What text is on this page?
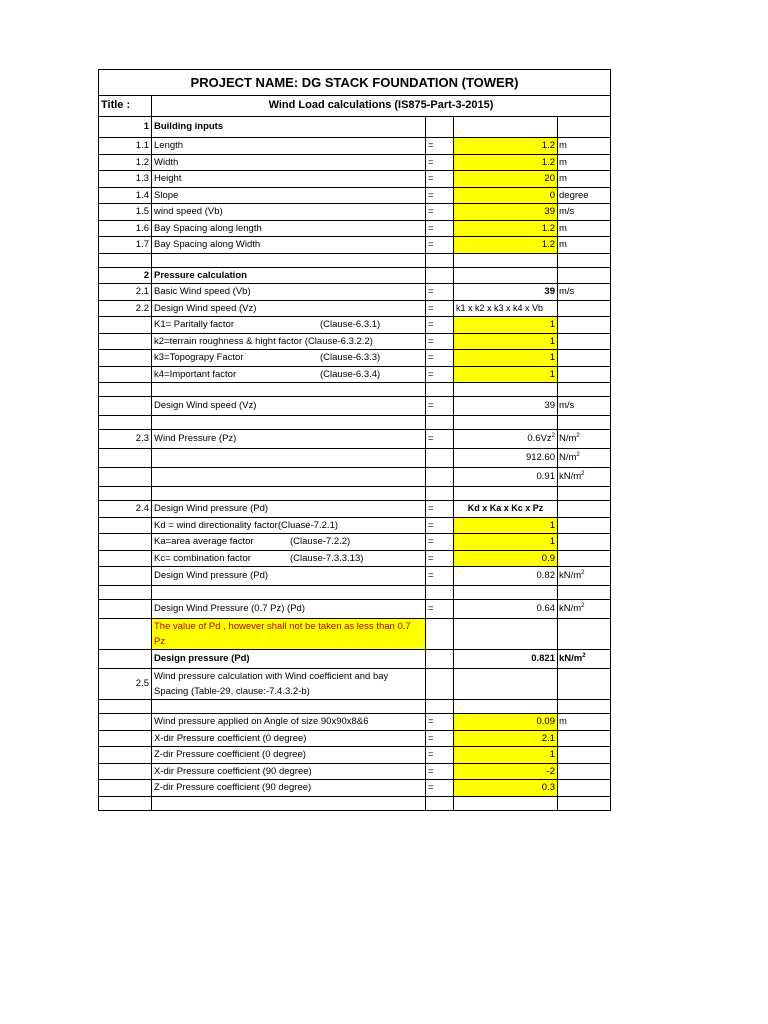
PROJECT NAME: DG STACK FOUNDATION (TOWER)				
Title :	Wind Load calculations (IS875-Part-3-2015)			
1	Building inputs			
1.1	Length	=	1.2	m
1.2	Width	=	1.2	m
1.3	Height	=	20	m
1.4	Slope	=	0	degree
1.5	wind speed (Vb)	=	39	m/s
1.6	Bay Spacing along length	=	1.2	m
1.7	Bay Spacing along Width	=	1.2	m

2	Pressure calculation			
2.1	Basic Wind speed (Vb)	=	39	m/s
2.2	Design Wind speed (Vz)	=	k1 x k2 x k3 x k4 x Vb	
	K1= Paritally factor (Clause-6.3.1)	=	1	
	k2=terrain roughness & hight factor (Clause-6.3.2.2)	=	1	
	k3=Topograpy Factor (Clause-6.3.3)	=	1	
	k4=Important factor (Clause-6.3.4)	=	1	

	Design Wind speed (Vz)	=	39	m/s

2.3	Wind Pressure (Pz)	=	$0.6Vz^2$	$N/m^2$
			912.60	$N/m^2$
			0.91	$kN/m^2$

2.4	Design Wind pressure (Pd)	=	Kd x Ka x Kc x Pz	
	Kd = wind directionality factor(Cluase-7.2.1)	=	1	
	Ka=area average factor (Clause-7.2.2)	=	1	
	Kc= combination factor (Clause-7.3.3.13)	=	0.9	
	Design Wind pressure (Pd)	=	0.82	$kN/m^2$

	Design Wind Pressure (0.7 Pz) (Pd)	=	0.64	$kN/m^2$
	The value of Pd , however shall not be taken as less than 0.7 Pz			
	Design pressure (Pd)		0.821	$kN/m^2$
2.5	Wind pressure calculation with Wind coefficient and bay Spacing (Table-29, clause:-7.4.3.2-b)			

	Wind pressure applied on Angle of size 90x90x8&6	=	0.09	m
	X-dir Pressure coefficient (0 degree)	=	2.1	
	Z-dir Pressure coefficient (0 degree)	=	1	
	X-dir Pressure coefficient (90 degree)	=	-2	
	Z-dir Pressure coefficient (90 degree)	=	0.3	
